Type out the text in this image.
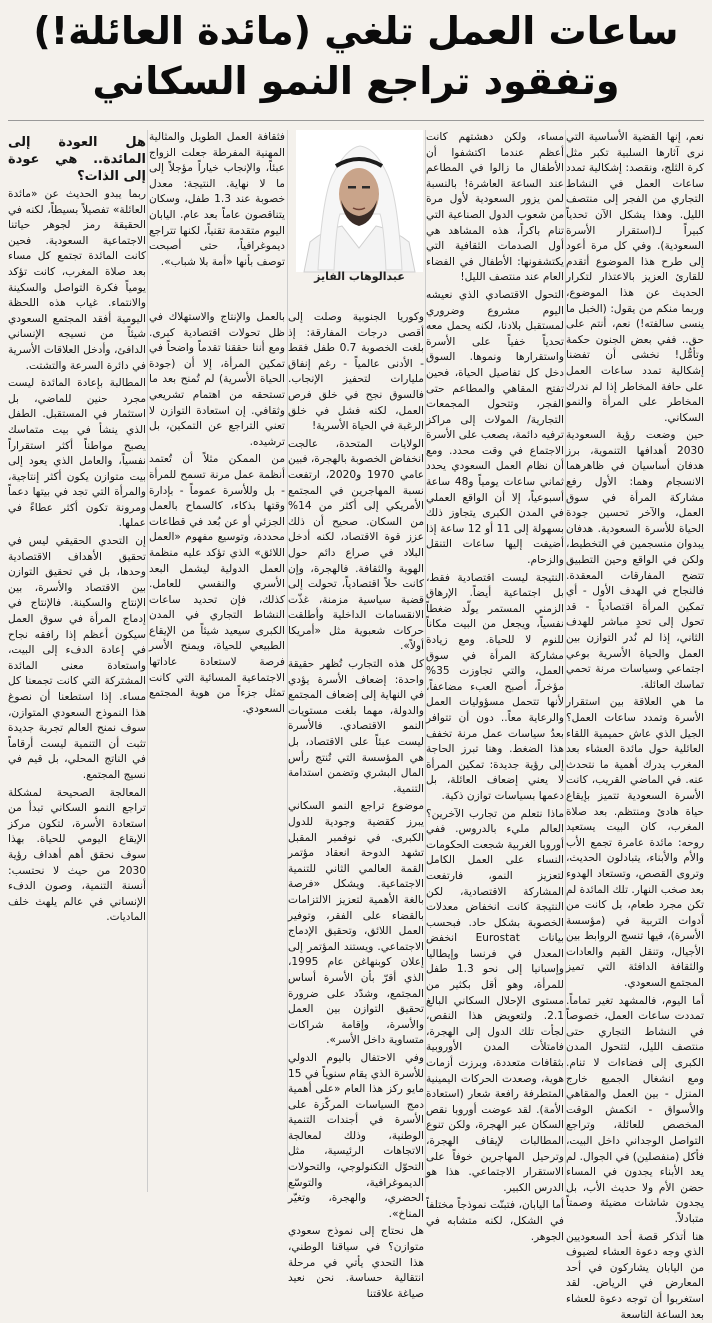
ساعات العمل تلغي (مائدة العائلة!) وتفقود تراجع النمو السكاني

نعم، إنها القضية الأساسية التي نرى آثارها السلبية تكبر مثل كرة الثلج، ونقصد: إشكالية تمدد ساعات العمل في النشاط التجاري من الفجر إلى منتصف الليل. وهذا يشكل الآن تحدياً كبيراً لـ(استقرار الأسرة السعودية). وفي كل مرة أعود إلى طرح هذا الموضوع أتقدم للقارئ العزيز بالاعتذار لتكرار الحديث عن هذا الموضوع، وربما منكم من يقول: (الخبل ما ينسى سالفته!) نعم، أنتم على حق.. ففي بعض الجنون حكمة وتأمُّل! نخشى أن تفضنا إشكالية تمدد ساعات العمل على حافة المخاطر إذا لم ندرك المخاطر على المرأة والنمو السكاني.

حين وضعت رؤية السعودية 2030 أهدافها التنموية، برز هدفان أساسيان في ظاهرهما الانسجام وهما: الأول رفع مشاركة المرأة في سوق العمل، والآخر تحسين جودة الحياة للأسرة السعودية. هدفان يبدوان منسجمين في التخطيط، ولكن في الواقع وحين التطبيق تتضح المفارقات المعقدة. فالنجاح في الهدف الأول - أي تمكين المرأة اقتصادياً - قد تحول إلى تحدٍ مباشر للهدف الثاني، إذا لم نُدر التوازن بين العمل والحياة الأسرية بوعي اجتماعي وسياسات مرنة تحمي تماسك العائلة.

ما هي العلاقة بين استقرار الأسرة وتمدد ساعات العمل؟ الجيل الذي عاش حميمية اللقاء العائلية حول مائدة العشاء بعد المغرب يدرك أهمية ما نتحدث عنه. في الماضي القريب، كانت الأسرة السعودية تتميز بإيقاع حياة هادئ ومنتظم. بعد صلاة المغرب، كان البيت يستعيد روحه: مائدة عامرة تجمع الأب والأم والأبناء، يتبادلون الحديث، وتروى القصص، وتستعاد الهدوء بعد صخب النهار. تلك المائدة لم تكن مجرد طعام، بل كانت من أدوات التربية في (مؤسسة الأسرة)، فيها تنسج الروابط بين الأجيال، وتنقل القيم والعادات والثقافة الدافئة التي تميز المجتمع السعودي.

أما اليوم، فالمشهد تغير تماماً. تمددت ساعات العمل، خصوصاً في النشاط التجاري حتى منتصف الليل، لتتحول المدن الكبرى إلى فضاءات لا تنام. ومع انشغال الجميع خارج المنزل - بين العمل والمقاهي والأسواق - انكمش الوقت المخصص للعائلة، وتراجع التواصل الوجداني داخل البيت، فأكل (منفصلين) في الجوال. لم يعد الأبناء يجدون في المساء حضن الأم ولا حديث الأب، بل يجدون شاشات مضيئة وصمتاً متبادلاً.

هنا أتذكر قصة أحد السعوديين الذي وجه دعوة العشاء لضيوف من اليابان يشاركون في أحد المعارض في الرياض. لقد استغربوا أن توجه دعوة للعشاء بعد الساعة التاسعة

مساء، ولكن دهشتهم كانت أعظم عندما اكتشفوا أن الأطفال ما زالوا في المطاعم عند الساعة العاشرة! بالنسبة لمن يزور السعودية لأول مرة من شعوب الدول الصناعية التي تنام باكراً، هذه المشاهد هي أول الصدمات الثقافية التي يكتشفونها: الأطفال في الفضاء العام عند منتصف الليل!

التحول الاقتصادي الذي نعيشه اليوم مشروع وضروري لمستقبل بلادنا، لكنه يحمل معه تحدياً خفياً على الأسرة واستقرارها ونموها. السوق دخل كل تفاصيل الحياة، فحين تفتح المقاهي والمطاعم حتى الفجر، وتتحول المجمعات التجارية/ المولات إلى مراكز ترفيه دائمة، يصعب على الأسرة الاجتماع في وقت محدد. ومع أن نظام العمل السعودي يحدد ثماني ساعات يومياً و48 ساعة أسبوعياً، إلا أن الواقع العملي في المدن الكبرى يتجاوز ذلك بسهولة إلى 11 أو 12 ساعة إذا أضيفت إليها ساعات التنقل والزحام.

النتيجة ليست اقتصادية فقط، بل اجتماعية أيضاً. الإرهاق الزمني المستمر يولّد ضغطاً نفسياً، ويجعل من البيت مكاناً للنوم لا للحياة. ومع زيادة مشاركة المرأة في سوق العمل، والتي تجاوزت 35% مؤخراً، أصبح العبء مضاعفاً، لأنها تتحمل مسؤوليات العمل والرعاية معاً.. دون أن تتوافر بعدُ سياسات عمل مرنة تخفف هذا الضغط. وهنا تبرز الحاجة إلى رؤية جديدة: تمكين المرأة لا يعني إضعاف العائلة، بل دعمها بسياسات توازن ذكية.

ماذا نتعلم من تجارب الآخرين؟ العالم مليء بالدروس. ففي أوروبا الغربية شجعت الحكومات النساء على العمل الكامل لتعزيز النمو، فارتفعت المشاركة الاقتصادية، لكن النتيجة كانت انخفاض معدلات الخصوبة بشكل حاد. فبحسب بيانات Eurostat انخفض المعدل في فرنسا وإيطاليا وإسبانيا إلى نحو 1.3 طفل للمرأة، وهو أقل بكثير من مستوى الإحلال السكاني البالغ 2.1. ولتعويض هذا النقص، لجأت تلك الدول إلى الهجرة، فامتلأت المدن الأوروبية بثقافات متعددة، وبرزت أزمات هوية، وصعدت الحركات اليمينية المتطرفة رافعة شعار (استعادة الأمة). لقد عوضت أوروبا نقص السكان عبر الهجرة، ولكن تنوع المطالبات لإيقاف الهجرة، وترحيل المهاجرين خوفاً على الاستقرار الاجتماعي. هذا هو الدرس الكبير.

أما اليابان، فتبنّت نموذجاً مختلفاً في الشكل، لكنه متشابه في الجوهر.

عبدالوهاب الفايز

وكوريا الجنوبية وصلت إلى أقصى درجات المفارقة: إذ بلغت الخصوبة 0.7 طفل فقط - الأدنى عالمياً - رغم إنفاق مليارات لتحفيز الإنجاب. فالسوق نجح في خلق فرص العمل، لكنه فشل في خلق الرغبة في الحياة الأسرية!

الولايات المتحدة، عالجت انخفاض الخصوبة بالهجرة، فبين عامي 1970 و2020، ارتفعت نسبة المهاجرين في المجتمع الأمريكي إلى أكثر من 14% من السكان. صحيح أن ذلك عزز قوة الاقتصاد، لكنه أدخل البلاد في صراع دائم حول الهوية والثقافة. فالهجرة، وإن كانت حلاً اقتصادياً، تحولت إلى قضية سياسية مزمنة، غذّت الانقسامات الداخلية وأطلقت حركات شعبوية مثل «أمريكا أولاً».

كل هذه التجارب تُظهر حقيقة واحدة: إضعاف الأسرة يؤدي في النهاية إلى إضعاف المجتمع والدولة، مهما بلغت مستويات النمو الاقتصادي. فالأسرة ليست عبئاً على الاقتصاد، بل هي المؤسسة التي تُنتج رأس المال البشري وتضمن استدامة التنمية.

موضوع تراجع النمو السكاني يبرز كقضية وجودية للدول الكبرى. في نوفمبر المقبل تشهد الدوحة انعقاد مؤتمر القمة العالمي الثاني للتنمية الاجتماعية. ويشكل «فرصة بالغة الأهمية لتعزيز الالتزامات بالقضاء على الفقر، وتوفير العمل اللائق، وتحقيق الإدماج الاجتماعي. ويستند المؤتمر إلى إعلان كوبنهاغن عام 1995، الذي أقرّ بأن الأسرة أساس المجتمع، وشدّد على ضرورة تحقيق التوازن بين العمل والأسرة، وإقامة شراكات متساوية داخل الأسر».

وفي الاحتفال باليوم الدولي للأسرة الذي يقام سنوياً في 15 مايو ركز هذا العام «على أهمية دمج السياسات المركّزة على الأسرة في أجندات التنمية الوطنية، وذلك لمعالجة الاتجاهات الرئيسية، مثل التحوّل التكنولوجي، والتحولات الديموغرافية، والتوسّع الحضري، والهجرة، وتغيّر المناخ».

هل نحتاج إلى نموذج سعودي متوازن؟ في سياقنا الوطني، هذا التحدي يأتي في مرحلة انتقالية حساسة. نحن نعيد صياغة علاقتنا

فثقافة العمل الطويل والمثالية المهنية المفرطة جعلت الزواج عبئاً، والإنجاب خياراً مؤجلاً إلى ما لا نهاية. النتيجة: معدل خصوبة عند 1.3 طفل، وسكان يتناقصون عاماً بعد عام. اليابان اليوم متقدمة تقنياً، لكنها تتراجع ديموغرافياً، حتى أصبحت توصف بأنها «أمة بلا شباب».

بالعمل والإنتاج والاستهلاك في ظل تحولات اقتصادية كبرى. ومع أننا حققنا تقدماً واضحاً في تمكين المرأة، إلا أن (جودة الحياة الأسرية) لم تُمنح بعد ما تستحقه من اهتمام تشريعي وثقافي. إن استعادة التوازن لا تعني التراجع عن التمكين، بل ترشيده.

من الممكن مثلاً أن تُعتمد أنظمة عمل مرنة تسمح للمرأة - بل وللأسرة عموماً - بإدارة وقتها بذكاء، كالسماح بالعمل الجزئي أو عن بُعد في قطاعات محددة، وتوسيع مفهوم «العمل اللائق» الذي تؤكد عليه منظمة العمل الدولية ليشمل البعد الأسري والنفسي للعامل. كذلك، فإن تحديد ساعات النشاط التجاري في المدن الكبرى سيعيد شيئاً من الإيقاع الطبيعي للحياة، ويمنح الأسر فرصة لاستعادة عاداتها الاجتماعية المسائية التي كانت تمثل جزءاً من هوية المجتمع السعودي.

هل العودة إلى المائدة.. هي عودة إلى الذات؟

ربما يبدو الحديث عن «مائدة العائلة» تفصيلاً بسيطاً، لكنه في الحقيقة رمز لجوهر حياتنا الاجتماعية السعودية. فحين كانت المائدة تجتمع كل مساء بعد صلاة المغرب، كانت تؤكد يومياً فكرة التواصل والسكينة والانتماء. غياب هذه اللحظة اليومية أفقد المجتمع السعودي شيئاً من نسيجه الإنساني الدافئ، وأدخل العلاقات الأسرية في دائرة السرعة والتشتت.

المطالبة بإعادة المائدة ليست مجرد حنين للماضي، بل استثمار في المستقبل. الطفل الذي ينشأ في بيت متماسك يصبح مواطناً أكثر استقراراً نفسياً، والعامل الذي يعود إلى بيت متوازن يكون أكثر إنتاجية، والمرأة التي تجد في بيتها دعماً ومرونة تكون أكثر عطاءً في عملها.

إن التحدي الحقيقي ليس في تحقيق الأهداف الاقتصادية وحدها، بل في تحقيق التوازن بين الاقتصاد والأسرة، بين الإنتاج والسكينة. فالإنتاج في إدماج المرأة في سوق العمل سيكون أعظم إذا رافقه نجاح في إعادة الدفء إلى البيت، واستعادة معنى المائدة المشتركة التي كانت تجمعنا كل مساء. إذا استطعنا أن نصوغ هذا النموذج السعودي المتوازن، سوف نمنح العالم تجربة جديدة تثبت أن التنمية ليست أرقاماً في الناتج المحلي، بل قيم في نسيج المجتمع.

المعالجة الصحيحة لمشكلة تراجع النمو السكاني تبدأ من استعادة الأسرة، لتكون مركز الإيقاع اليومي للحياة. بهذا سوف نحقق أهم أهداف رؤية 2030 من حيث لا نحتسب: أنسنة التنمية، وصون الدفء الإنساني في عالم يلهث خلف الماديات.
